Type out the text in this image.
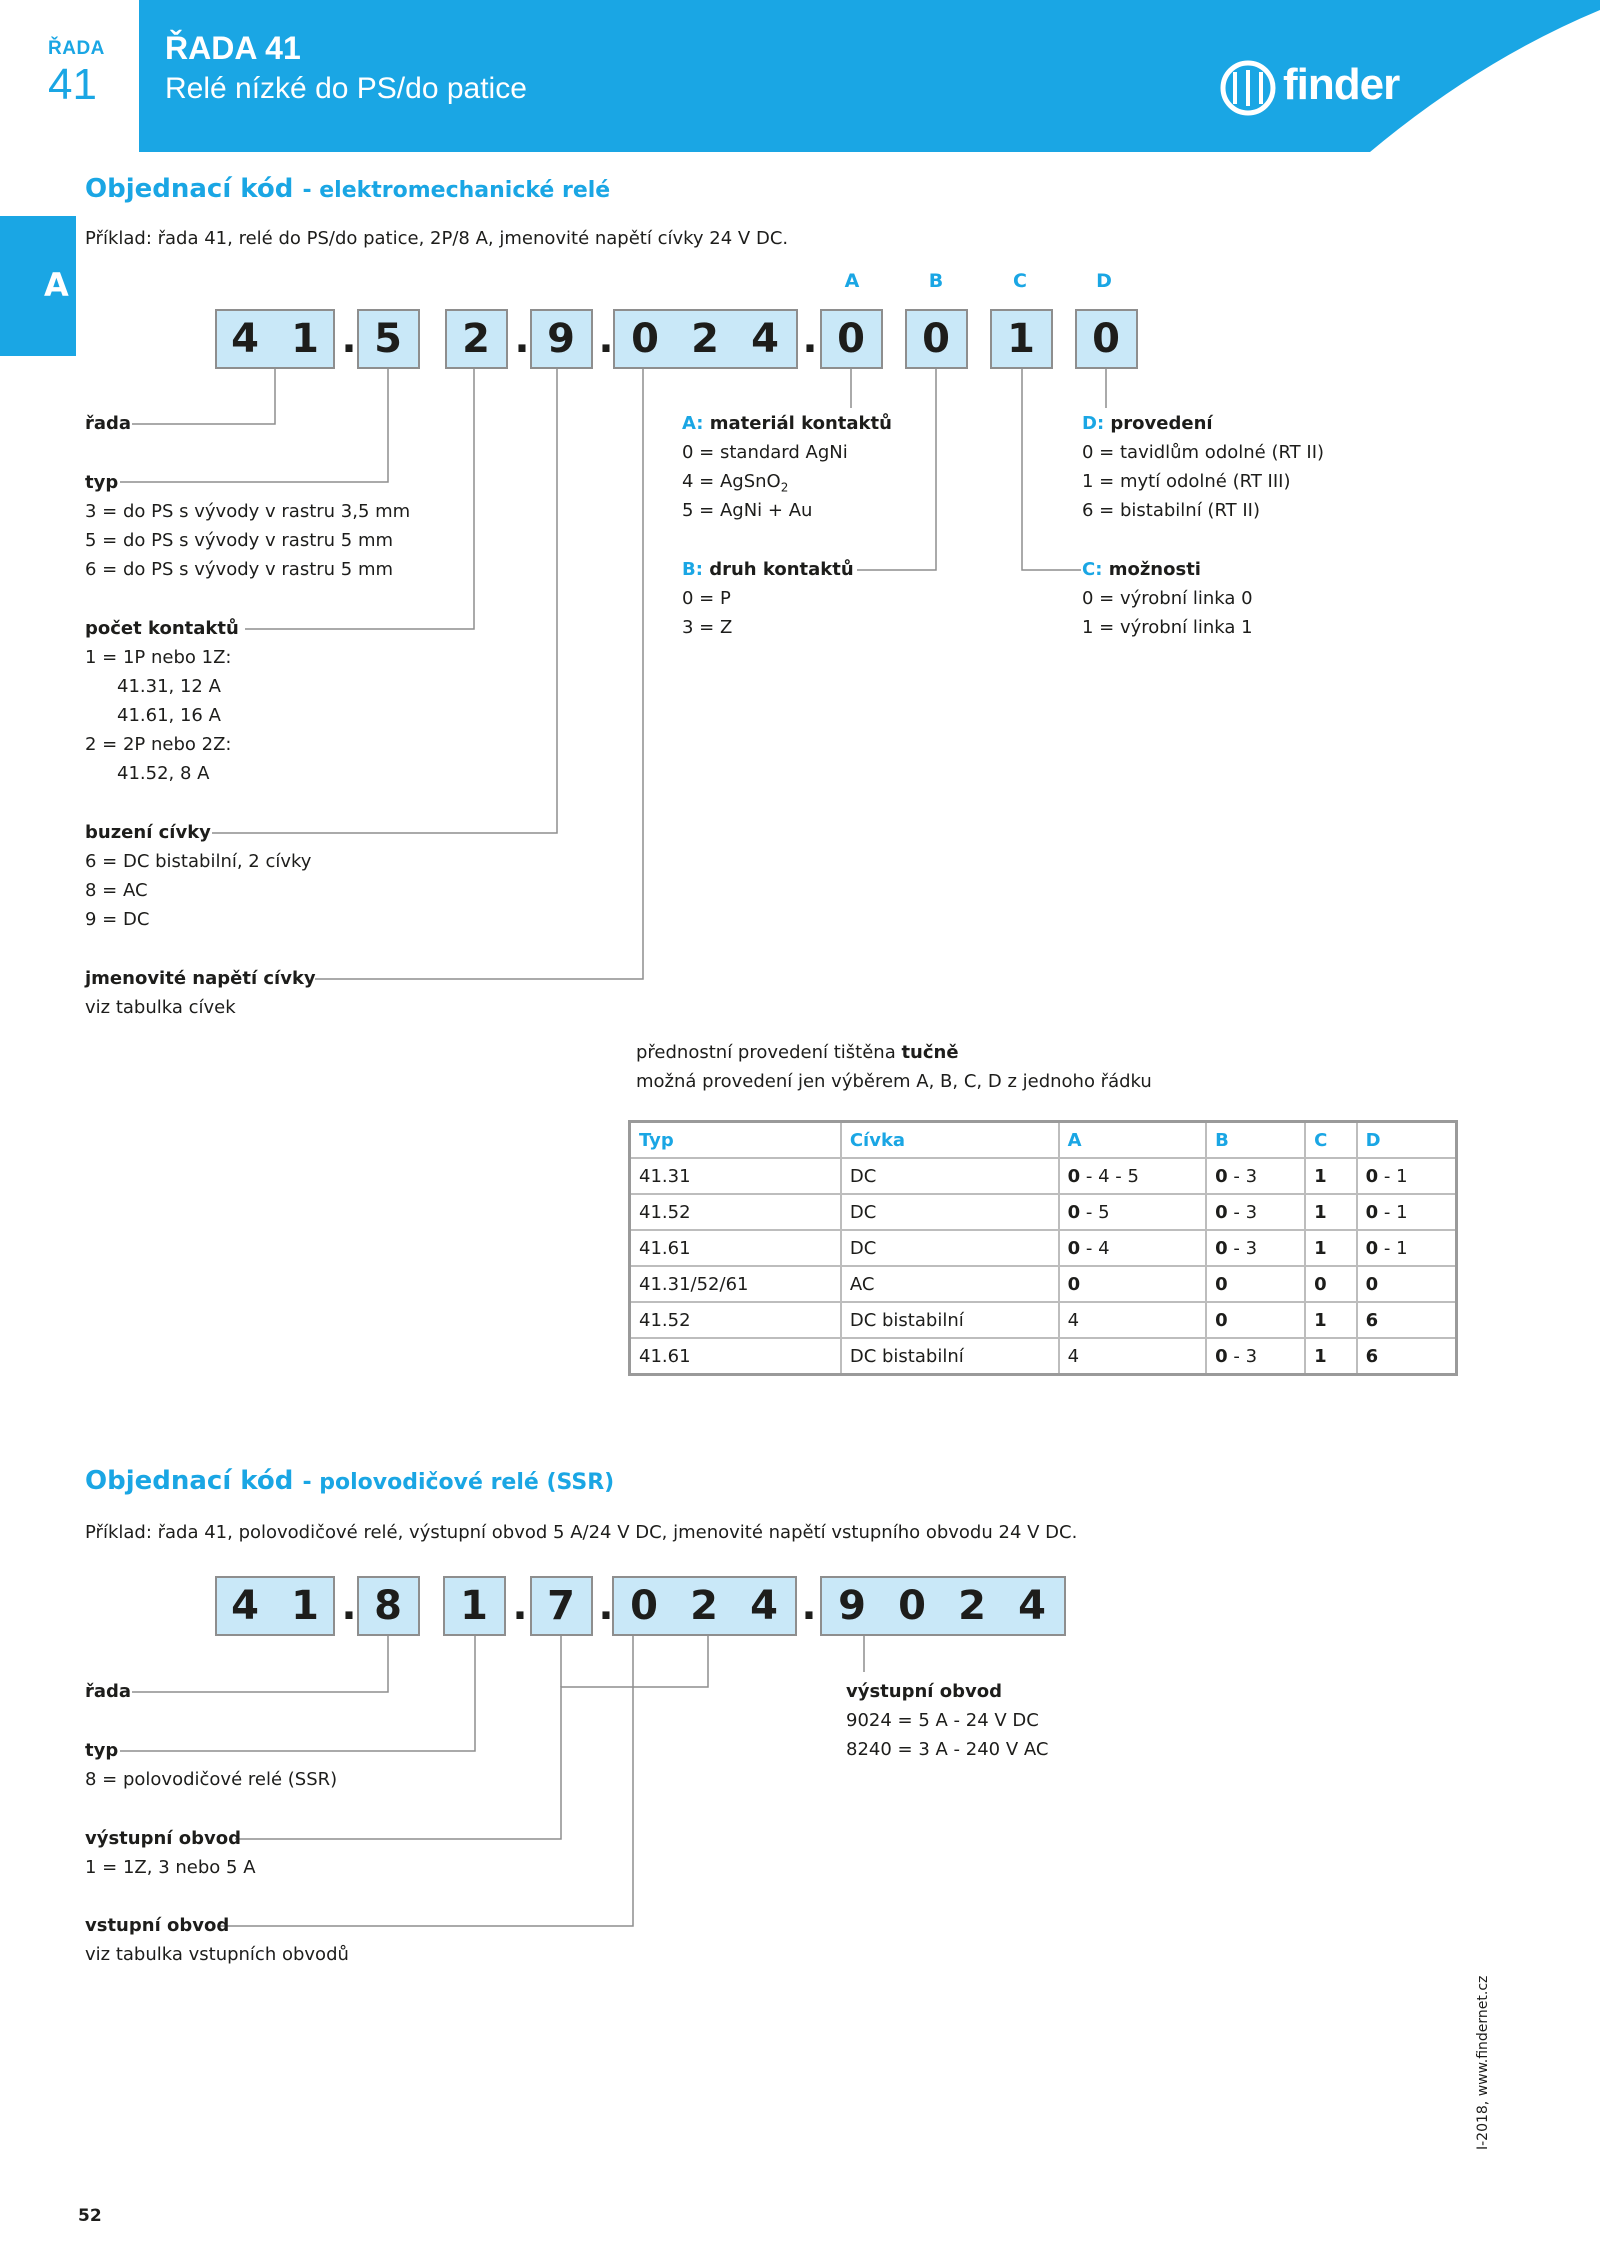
ŘADA
41
ŘADA 41
Relé nízké do PS/do patice	finder
A
Objednací kód - elektromechanické relé
Příklad: řada 41, relé do PS/do patice, 2P/8 A, jmenovité napětí cívky 24 V DC.
A	B	C	D
4 1 . 5 2 . 9 . 0 2 4 . 0 0 1 0
řada
typ
3 = do PS s vývody v rastru 3,5 mm
5 = do PS s vývody v rastru 5 mm
6 = do PS s vývody v rastru 5 mm
počet kontaktů
1 = 1P nebo 1Z:
41.31, 12 A
41.61, 16 A
2 = 2P nebo 2Z:
41.52, 8 A
buzení cívky
6 = DC bistabilní, 2 cívky
8 = AC
9 = DC
jmenovité napětí cívky
viz tabulka cívek
A: materiál kontaktů
0 = standard AgNi
4 = AgSnO$_2$
5 = AgNi + Au
B: druh kontaktů
0 = P
3 = Z
D: provedení
0 = tavidlům odolné (RT II)
1 = mytí odolné (RT III)
6 = bistabilní (RT II)
C: možnosti
0 = výrobní linka 0
1 = výrobní linka 1
přednostní provedení tištěna tučně
možná provedení jen výběrem A, B, C, D z jednoho řádku
Typ	Cívka	A	B	C	D
41.31	DC	0 - 4 - 5	0 - 3	1	0 - 1
41.52	DC	0 - 5	0 - 3	1	0 - 1
41.61	DC	0 - 4	0 - 3	1	0 - 1
41.31/52/61	AC	0	0	0	0
41.52	DC bistabilní	4	0	1	6
41.61	DC bistabilní	4	0 - 3	1	6
Objednací kód - polovodičové relé (SSR)
Příklad: řada 41, polovodičové relé, výstupní obvod 5 A/24 V DC, jmenovité napětí vstupního obvodu 24 V DC.
4 1 . 8 1 . 7 . 0 2 4 . 9 0 2 4
řada
typ
8 = polovodičové relé (SSR)
výstupní obvod
1 = 1Z, 3 nebo 5 A
vstupní obvod
viz tabulka vstupních obvodů
výstupní obvod
9024 = 5 A - 24 V DC
8240 = 3 A - 240 V AC
52
I-2018, www.findernet.cz
